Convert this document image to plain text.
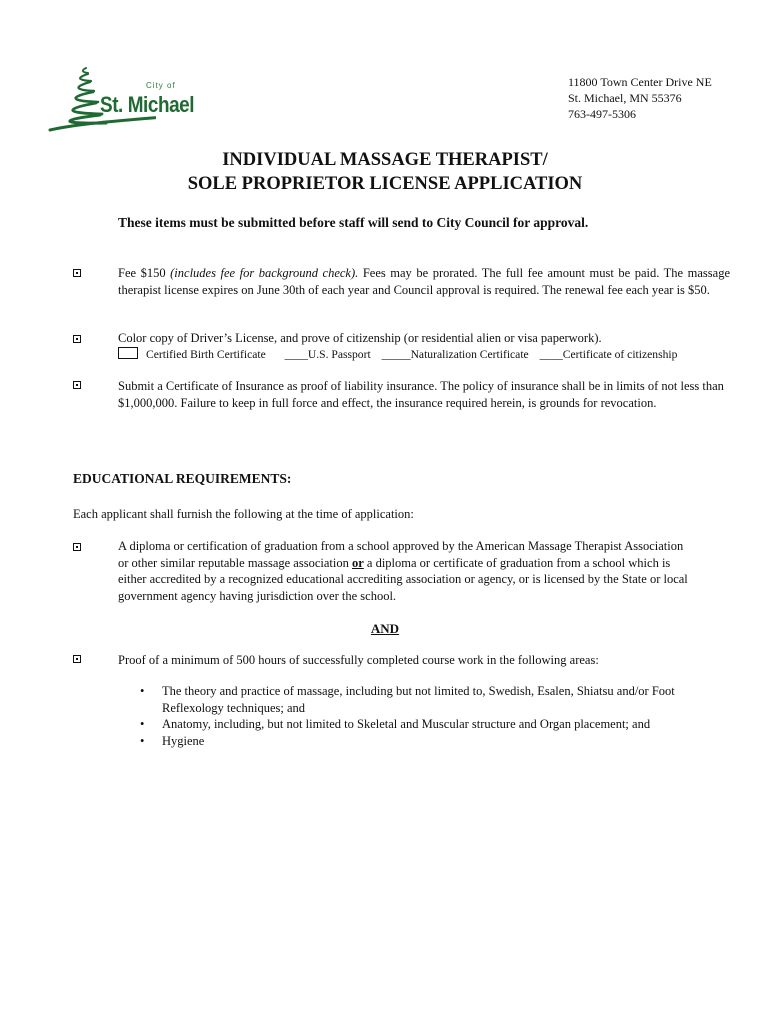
City of
St. Michael
11800 Town Center Drive NE
St. Michael, MN 55376
763-497-5306
INDIVIDUAL MASSAGE THERAPIST/
SOLE PROPRIETOR LICENSE APPLICATION
These items must be submitted before staff will send to City Council for approval.
Fee $150 (includes fee for background check). Fees may be prorated. The full fee amount must be paid. The massage therapist license expires on June 30th of each year and Council approval is required. The renewal fee each year is $50.
Color copy of Driver’s License, and prove of citizenship (or residential alien or visa paperwork).
Certified Birth Certificate ____U.S. Passport _____Naturalization Certificate ____Certificate of citizenship
Submit a Certificate of Insurance as proof of liability insurance. The policy of insurance shall be in limits of not less than $1,000,000. Failure to keep in full force and effect, the insurance required herein, is grounds for revocation.
EDUCATIONAL REQUIREMENTS:
Each applicant shall furnish the following at the time of application:
A diploma or certification of graduation from a school approved by the American Massage Therapist Association or other similar reputable massage association or a diploma or certificate of graduation from a school which is either accredited by a recognized educational accrediting association or agency, or is licensed by the State or local government agency having jurisdiction over the school.
AND
Proof of a minimum of 500 hours of successfully completed course work in the following areas:
• The theory and practice of massage, including but not limited to, Swedish, Esalen, Shiatsu and/or Foot Reflexology techniques; and
• Anatomy, including, but not limited to Skeletal and Muscular structure and Organ placement; and
• Hygiene
